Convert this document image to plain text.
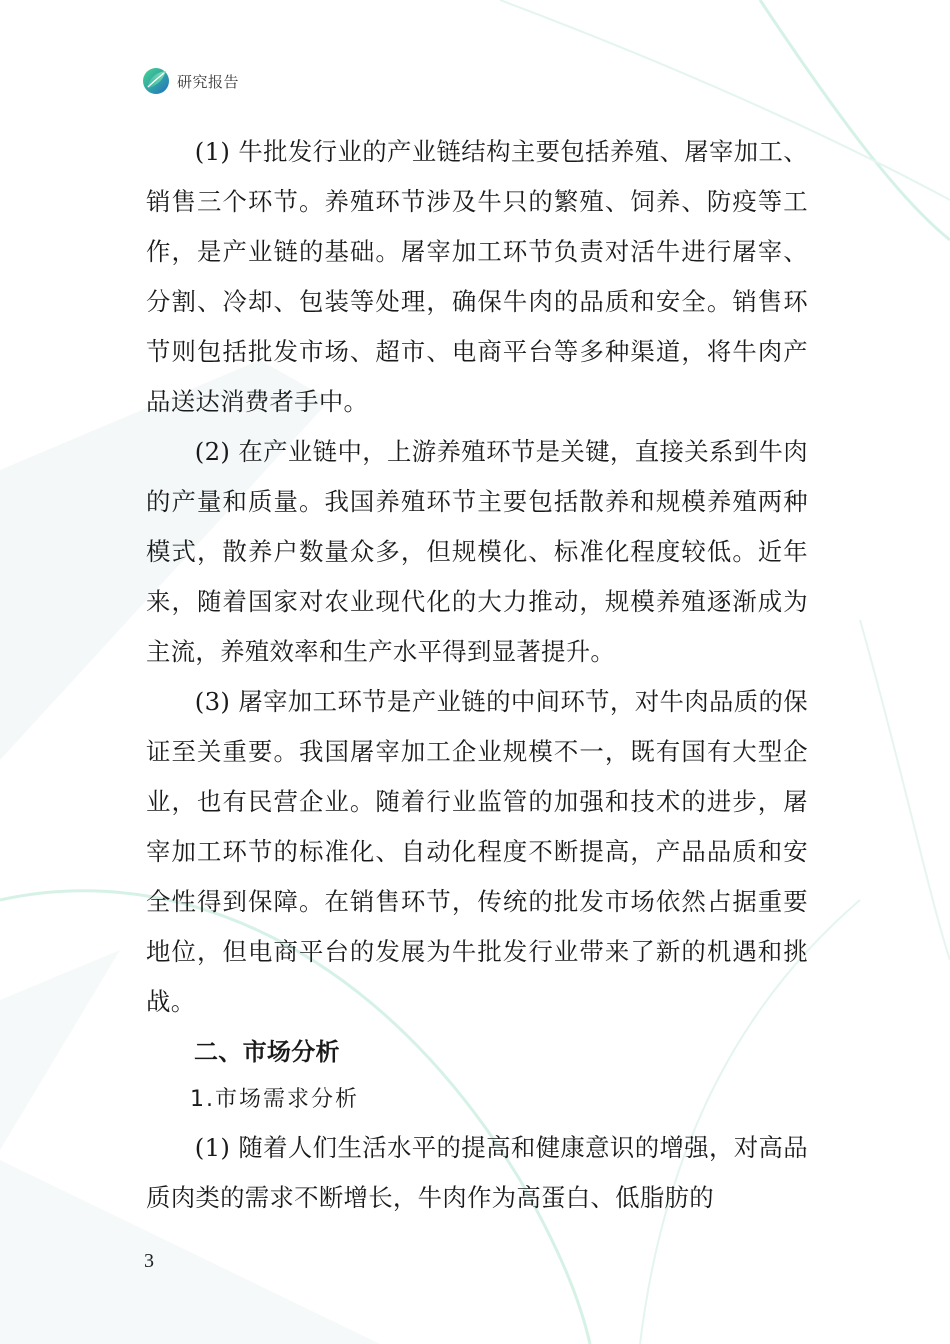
研究报告

(1) 牛批发行业的产业链结构主要包括养殖、屠宰加工、销售三个环节。养殖环节涉及牛只的繁殖、饲养、防疫等工作，是产业链的基础。屠宰加工环节负责对活牛进行屠宰、分割、冷却、包装等处理，确保牛肉的品质和安全。销售环节则包括批发市场、超市、电商平台等多种渠道，将牛肉产品送达消费者手中。

(2) 在产业链中，上游养殖环节是关键，直接关系到牛肉的产量和质量。我国养殖环节主要包括散养和规模养殖两种模式，散养户数量众多，但规模化、标准化程度较低。近年来，随着国家对农业现代化的大力推动，规模养殖逐渐成为主流，养殖效率和生产水平得到显著提升。

(3) 屠宰加工环节是产业链的中间环节，对牛肉品质的保证至关重要。我国屠宰加工企业规模不一，既有国有大型企业，也有民营企业。随着行业监管的加强和技术的进步，屠宰加工环节的标准化、自动化程度不断提高，产品品质和安全性得到保障。在销售环节，传统的批发市场依然占据重要地位，但电商平台的发展为牛批发行业带来了新的机遇和挑战。

二、市场分析

1.市场需求分析

(1) 随着人们生活水平的提高和健康意识的增强，对高品质肉类的需求不断增长，牛肉作为高蛋白、低脂肪的

3
